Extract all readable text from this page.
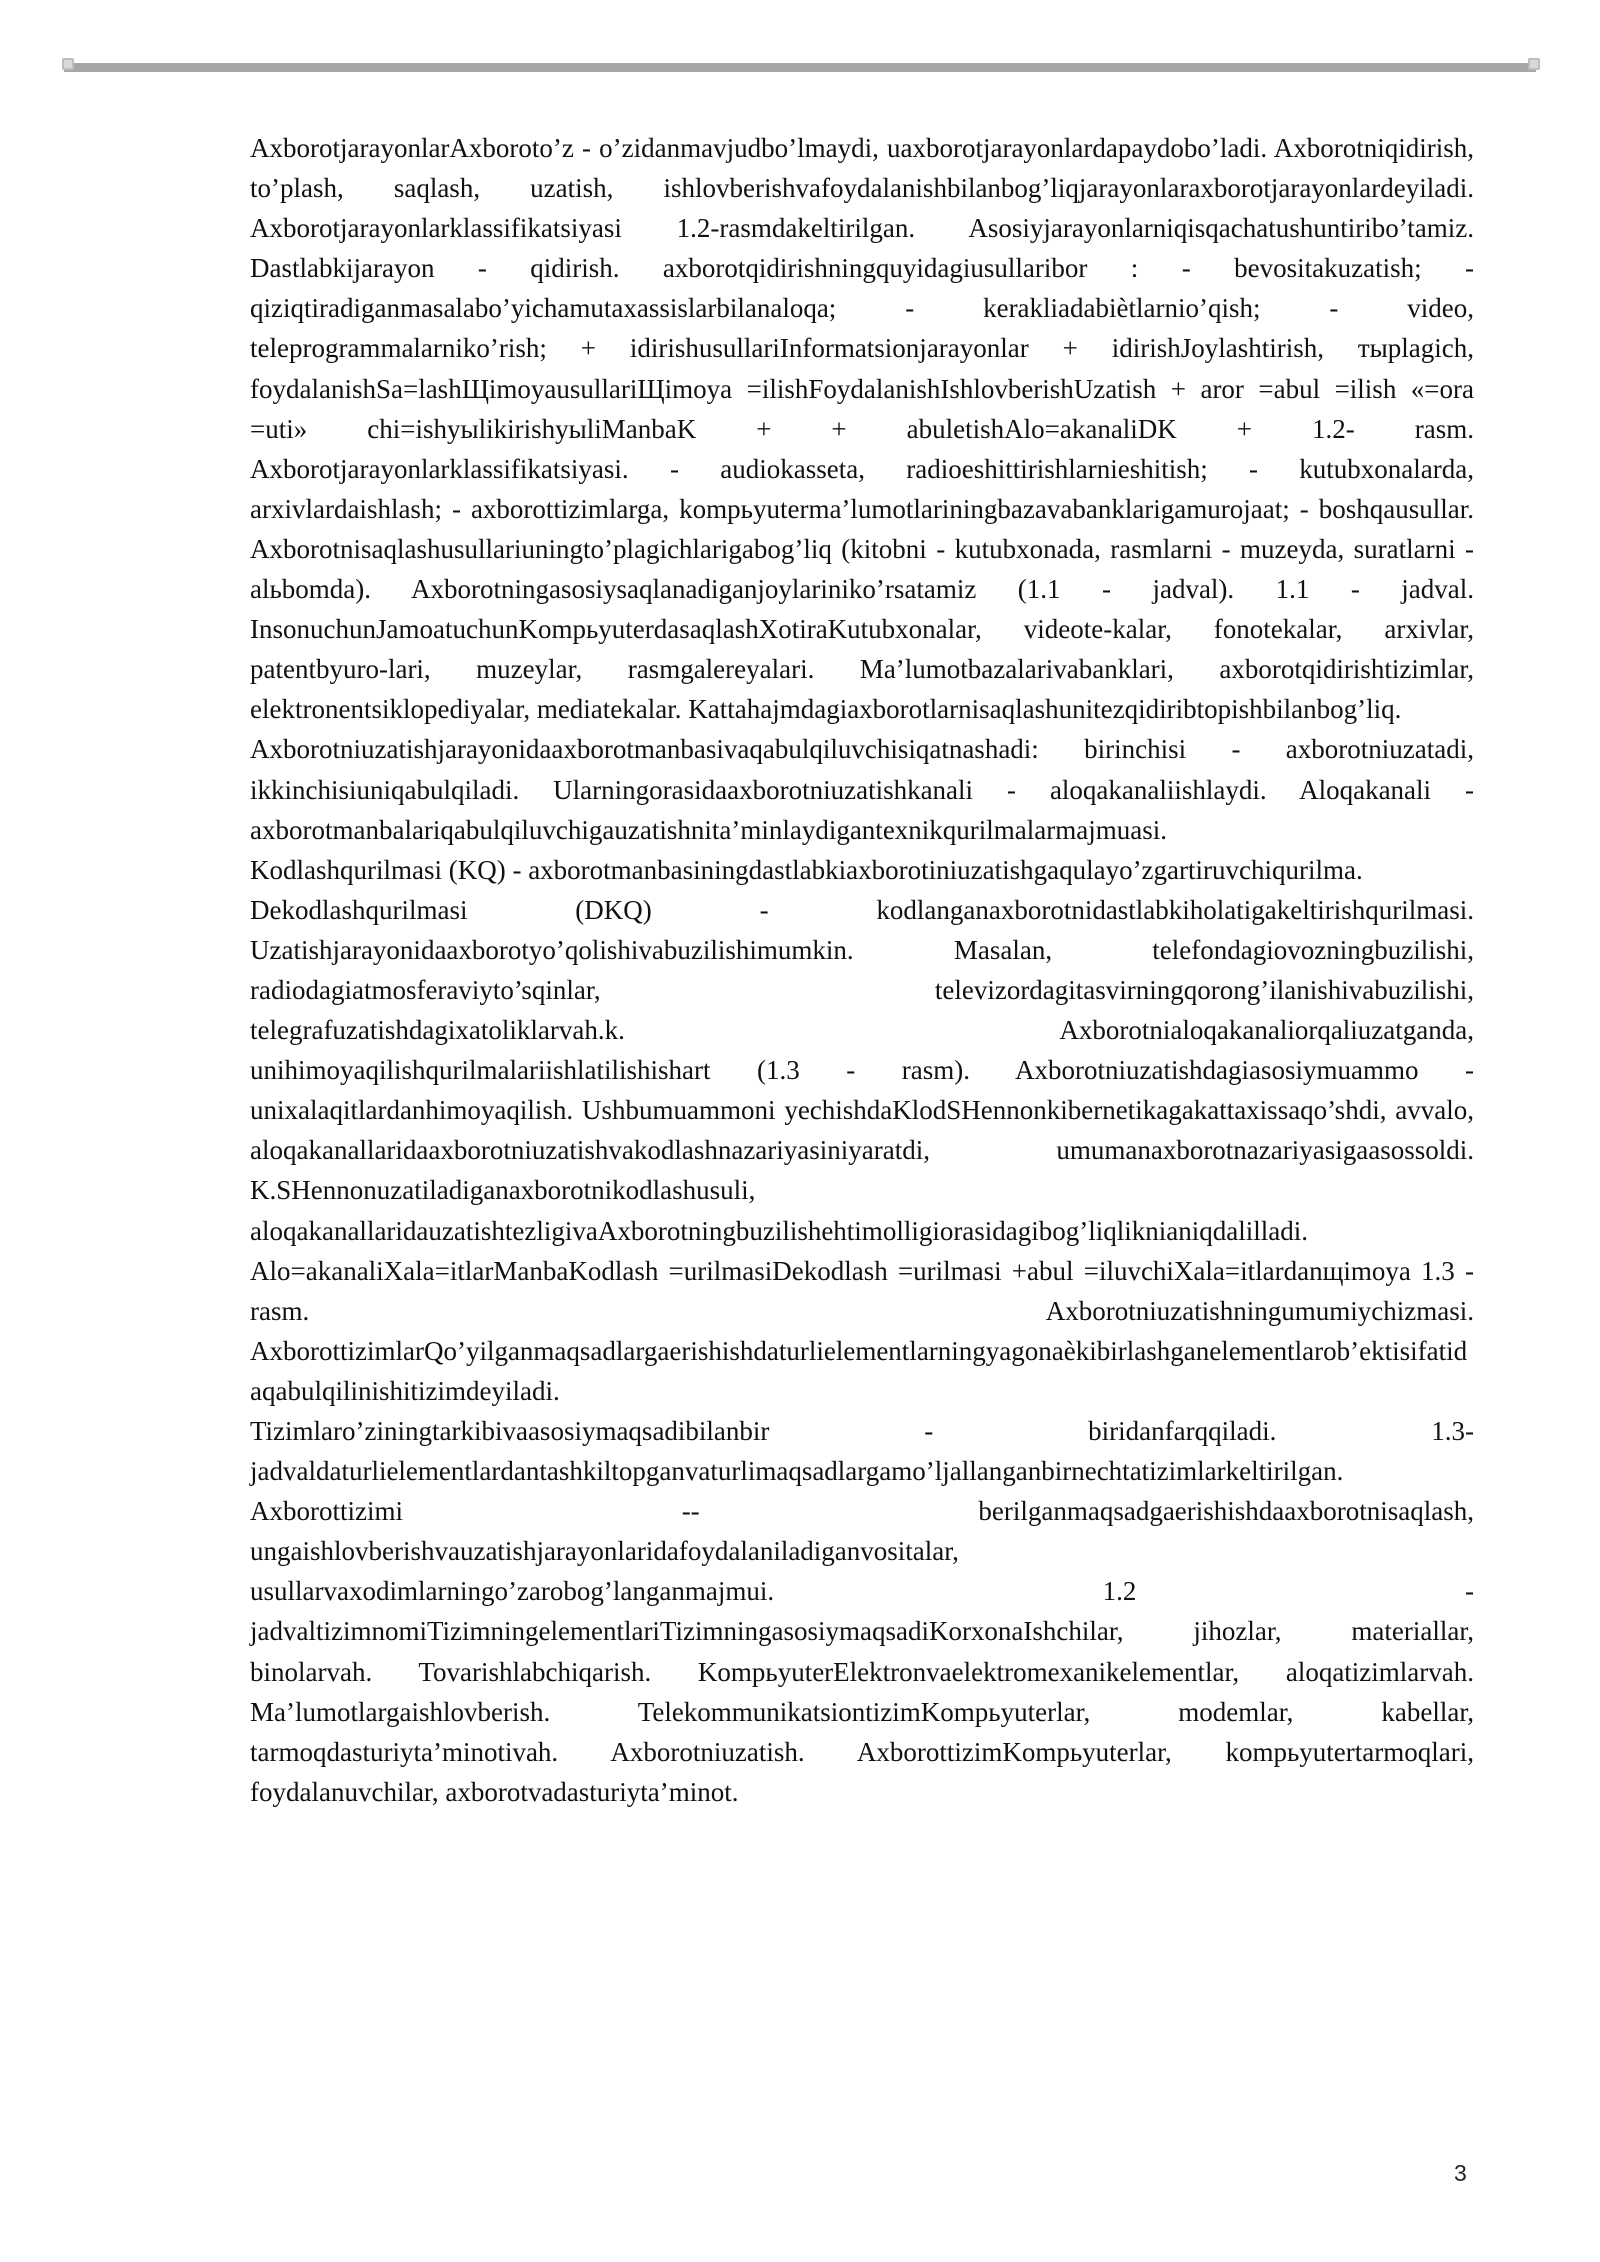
AxborotjarayonlarAxboroto’z - o’zidanmavjudbo’lmaydi, uaxborotjarayonlardapaydobo’ladi. Axborotniqidirish, to’plash, saqlash, uzatish, ishlovberishvafoydalanishbilanbog’liqjarayonlaraxborotjarayonlardeyiladi. Axborotjarayonlarklassifikatsiyasi 1.2-rasmdakeltirilgan. Asosiyjarayonlarniqisqachatushuntiribo’tamiz. Dastlabkijarayon - qidirish. axborotqidirishningquyidagiusullaribor : - bevositakuzatish; - qiziqtiradiganmasalabo’yichamutaxassislarbilanaloqa; - kerakliadabiètlarnio’qish; - video, teleprogrammalarniko’rish; + idirishusullariInformatsionjarayonlar + idirishJoylashtirish, тыplagich, foydalanishSa=lashЩimoyausullariЩimoya =ilishFoydalanishIshlovberishUzatish + aror =abul =ilish «=ora =uti» chi=ishyыlikirishyыliManbaK + + abuletishAlo=akanaliDK + 1.2- rasm. Axborotjarayonlarklassifikatsiyasi. - audiokasseta, radioeshittirishlarnieshitish; - kutubxonalarda, arxivlardaishlash; - axborottizimlarga, kompьyuterma’lumotlariningbazavabanklarigamurojaat; - boshqausullar. Axborotnisaqlashusullariuningto’plagichlarigabog’liq (kitobni - kutubxonada, rasmlarni - muzeyda, suratlarni - alьbomda). Axborotningasosiysaqlanadiganjoylariniko’rsatamiz (1.1 - jadval). 1.1 - jadval. InsonuchunJamoatuchunKompьyuterdasaqlashXotiraKutubxonalar, videote-kalar, fonotekalar, arxivlar, patentbyuro-lari, muzeylar, rasmgalereyalari. Ma’lumotbazalarivabanklari, axborotqidirishtizimlar, elektronentsiklopediyalar, mediatekalar. Kattahajmdagiaxborotlarnisaqlashunitezqidiribtopishbilanbog’liq.

Axborotniuzatishjarayonidaaxborotmanbasivaqabulqiluvchisiqatnashadi: birinchisi - axborotniuzatadi, ikkinchisiuniqabulqiladi. Ularningorasidaaxborotniuzatishkanali - aloqakanaliishlaydi. Aloqakanali - axborotmanbalariqabulqiluvchigauzatishnita’minlaydigantexnikqurilmalarmajmuasi.

Kodlashqurilmasi (KQ) - axborotmanbasiningdastlabkiaxborotiniuzatishgaqulayo’zgartiruvchiqurilma.

Dekodlashqurilmasi (DKQ) - kodlanganaxborotnidastlabkiholatigakeltirishqurilmasi. Uzatishjarayonidaaxborotyo’qolishivabuzilishimumkin. Masalan, telefondagiovozningbuzilishi, radiodagiatmosferaviyto’sqinlar, televizordagitasvirningqorong’ilanishivabuzilishi, telegrafuzatishdagixatoliklarvah.k. Axborotnialoqakanaliorqaliuzatganda, unihimoyaqilishqurilmalariishlatilishishart (1.3 - rasm). Axborotniuzatishdagiasosiymuammo - unixalaqitlardanhimoyaqilish. Ushbumuammoni yechishdaKlodSHennonkibernetikagakattaxissaqo’shdi, avvalo, aloqakanallaridaaxborotniuzatishvakodlashnazariyasiniyaratdi, umumanaxborotnazariyasigaasossoldi. K.SHennonuzatiladiganaxborotnikodlashusuli, aloqakanallaridauzatishtezligivaAxborotningbuzilishehtimolligiorasidagibog’liqliknianiqdalilladi. Alo=akanaliXala=itlarManbaKodlash =urilmasiDekodlash =urilmasi +abul =iluvchiXala=itlardanщimoya 1.3 - rasm. Axborotniuzatishningumumiychizmasi. AxborottizimlarQo’yilganmaqsadlargaerishishdaturlielementlarningyagonaèkibirlashganelementlarob’ektisifatidaqabulqilinishitizimdeyiladi.

Tizimlaro’ziningtarkibivaasosiymaqsadibilanbir - biridanfarqqiladi. 1.3-jadvaldaturlielementlardantashkiltopganvaturlimaqsadlargamo’ljallanganbirnechtatizimlarkeltirilgan. Axborottizimi -- berilganmaqsadgaerishishdaaxborotnisaqlash, ungaishlovberishvauzatishjarayonlaridafoydalaniladiganvositalar, usullarvaxodimlarningo’zarobog’langanmajmui. 1.2 - jadvaltizimnomiTizimningelementlariTizimningasosiymaqsadiKorxonaIshchilar, jihozlar, materiallar, binolarvah. Tovarishlabchiqarish. KompьyuterElektronvaelektromexanikelementlar, aloqatizimlarvah. Ma’lumotlargaishlovberish. TelekommunikatsiontizimKompьyuterlar, modemlar, kabellar, tarmoqdasturiyta’minotivah. Axborotniuzatish. AxborottizimKompьyuterlar, kompьyutertarmoqlari, foydalanuvchilar, axborotvadasturiyta’minot.

3
